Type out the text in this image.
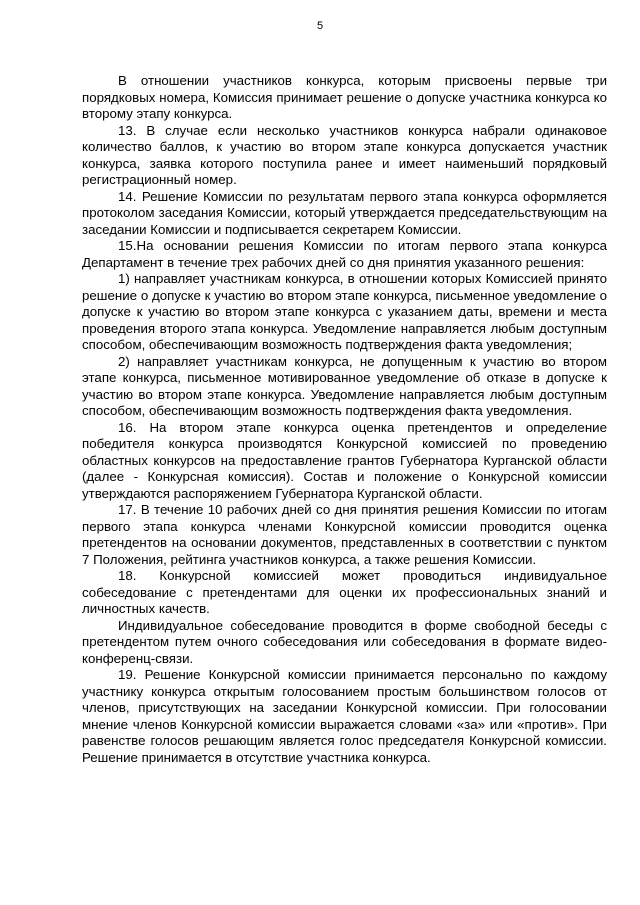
5

В отношении участников конкурса, которым присвоены первые три порядковых номера, Комиссия принимает решение о допуске участника конкурса ко второму этапу конкурса.

13. В случае если несколько участников конкурса набрали одинаковое количество баллов, к участию во втором этапе конкурса допускается участник конкурса, заявка которого поступила ранее и имеет наименьший порядковый регистрационный номер.

14. Решение Комиссии по результатам первого этапа конкурса оформляется протоколом заседания Комиссии, который утверждается председательствующим на заседании Комиссии и подписывается секретарем Комиссии.

15.На основании решения Комиссии по итогам первого этапа конкурса Департамент в течение трех рабочих дней со дня принятия указанного решения:

1) направляет участникам конкурса, в отношении которых Комиссией принято решение о допуске к участию во втором этапе конкурса, письменное уведомление о допуске к участию во втором этапе конкурса с указанием даты, времени и места проведения второго этапа конкурса. Уведомление направляется любым доступным способом, обеспечивающим возможность подтверждения факта уведомления;

2) направляет участникам конкурса, не допущенным к участию во втором этапе конкурса, письменное мотивированное уведомление об отказе в допуске к участию во втором этапе конкурса. Уведомление направляется любым доступным способом, обеспечивающим возможность подтверждения факта уведомления.

16. На втором этапе конкурса оценка претендентов и определение победителя конкурса производятся Конкурсной комиссией по проведению областных конкурсов на предоставление грантов Губернатора Курганской области (далее - Конкурсная комиссия). Состав и положение о Конкурсной комиссии утверждаются распоряжением Губернатора Курганской области.

17. В течение 10 рабочих дней со дня принятия решения Комиссии по итогам первого этапа конкурса членами Конкурсной комиссии проводится оценка претендентов на основании документов, представленных в соответствии с пунктом 7 Положения, рейтинга участников конкурса, а также решения Комиссии.

18. Конкурсной комиссией может проводиться индивидуальное собеседование с претендентами для оценки их профессиональных знаний и личностных качеств.

Индивидуальное собеседование проводится в форме свободной беседы с претендентом путем очного собеседования или собеседования в формате видео-конференц-связи.

19. Решение Конкурсной комиссии принимается персонально по каждому участнику конкурса открытым голосованием простым большинством голосов от членов, присутствующих на заседании Конкурсной комиссии. При голосовании мнение членов Конкурсной комиссии выражается словами «за» или «против». При равенстве голосов решающим является голос председателя Конкурсной комиссии. Решение принимается в отсутствие участника конкурса.
